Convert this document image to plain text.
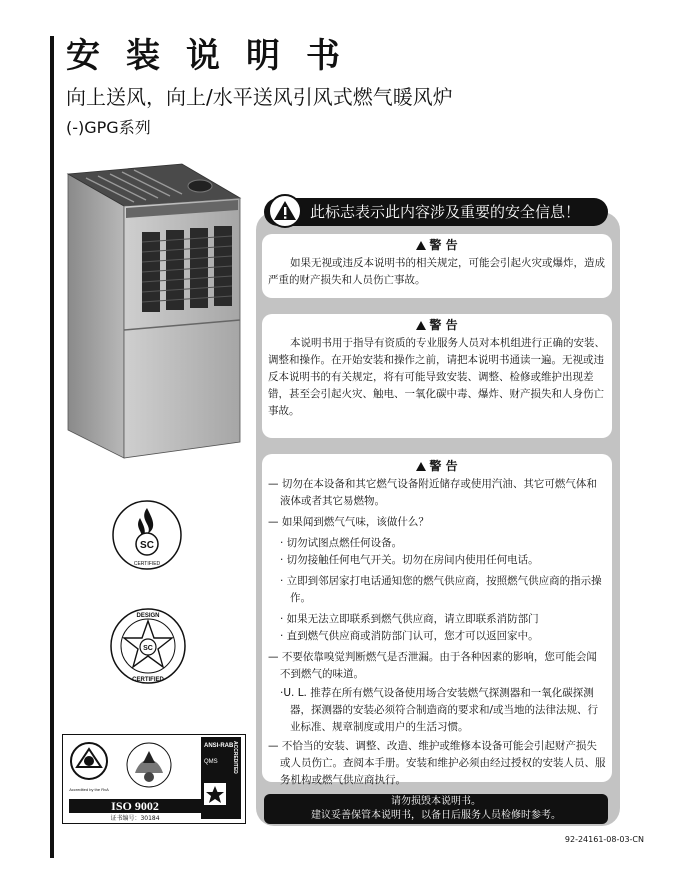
安装说明书

向上送风，向上/水平送风引风式燃气暖风炉

(-)GPG系列

SC
CERTIFIED
SC
DESIGN
CERTIFIED
Accredited by the RvA
ANSI-RAB
QMS	ACCREDITED
ISO 9002
证书编号：30184
此标志表示此内容涉及重要的安全信息！
警 告

如果无视或违反本说明书的相关规定，可能会引起火灾或爆炸，造成严重的财产损失和人员伤亡事故。

警 告

本说明书用于指导有资质的专业服务人员对本机组进行正确的安装、调整和操作。在开始安装和操作之前，请把本说明书通读一遍。无视或违反本说明书的有关规定，将有可能导致安装、调整、检修或维护出现差错，甚至会引起火灾、触电、一氧化碳中毒、爆炸、财产损失和人身伤亡事故。

警 告

— 切勿在本设备和其它燃气设备附近储存或使用汽油、其它可燃气体和液体或者其它易燃物。

— 如果闻到燃气气味，该做什么？

· 切勿试图点燃任何设备。

· 切勿接触任何电气开关。切勿在房间内使用任何电话。

· 立即到邻居家打电话通知您的燃气供应商，按照燃气供应商的指示操作。

· 如果无法立即联系到燃气供应商，请立即联系消防部门

· 直到燃气供应商或消防部门认可，您才可以返回家中。

— 不要依靠嗅觉判断燃气是否泄漏。由于各种因素的影响，您可能会闻不到燃气的味道。

·U. L. 推荐在所有燃气设备使用场合安装燃气探测器和一氧化碳探测器，探测器的安装必须符合制造商的要求和/或当地的法律法规、行业标准、规章制度或用户的生活习惯。

— 不恰当的安装、调整、改造、维护或维修本设备可能会引起财产损失或人员伤亡。查阅本手册。安装和维护必须由经过授权的安装人员、服务机构或燃气供应商执行。

请勿损毁本说明书。
建议妥善保管本说明书，以备日后服务人员检修时参考。
92-24161-08-03-CN
